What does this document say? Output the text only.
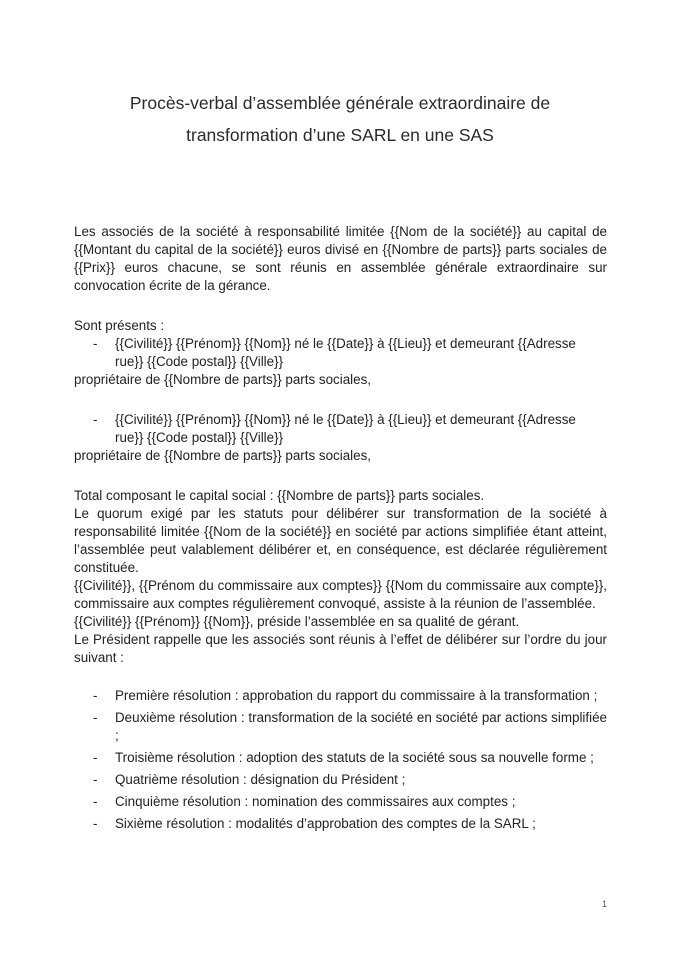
Procès-verbal d’assemblée générale extraordinaire de
transformation d’une SARL en une SAS

Les associés de la société à responsabilité limitée {{Nom de la société}} au capital de {{Montant du capital de la société}} euros divisé en {{Nombre de parts}} parts sociales de {{Prix}} euros chacune, se sont réunis en assemblée générale extraordinaire sur convocation écrite de la gérance.

Sont présents :
- {{Civilité}} {{Prénom}} {{Nom}} né le {{Date}} à {{Lieu}} et demeurant {{Adresse rue}} {{Code postal}} {{Ville}}
propriétaire de {{Nombre de parts}} parts sociales,
- {{Civilité}} {{Prénom}} {{Nom}} né le {{Date}} à {{Lieu}} et demeurant {{Adresse rue}} {{Code postal}} {{Ville}}
propriétaire de {{Nombre de parts}} parts sociales,
Total composant le capital social : {{Nombre de parts}} parts sociales.

Le quorum exigé par les statuts pour délibérer sur transformation de la société à responsabilité limitée {{Nom de la société}} en société par actions simplifiée étant atteint, l’assemblée peut valablement délibérer et, en conséquence, est déclarée régulièrement constituée.

{{Civilité}}, {{Prénom du commissaire aux comptes}} {{Nom du commissaire aux compte}}, commissaire aux comptes régulièrement convoqué, assiste à la réunion de l’assemblée.

{{Civilité}} {{Prénom}} {{Nom}}, préside l’assemblée en sa qualité de gérant.

Le Président rappelle que les associés sont réunis à l’effet de délibérer sur l’ordre du jour suivant :

- Première résolution : approbation du rapport du commissaire à la transformation ;
- Deuxième résolution : transformation de la société en société par actions simplifiée ;
- Troisième résolution : adoption des statuts de la société sous sa nouvelle forme ;
- Quatrième résolution : désignation du Président ;
- Cinquième résolution : nomination des commissaires aux comptes ;
- Sixième résolution : modalités d’approbation des comptes de la SARL ;
1
